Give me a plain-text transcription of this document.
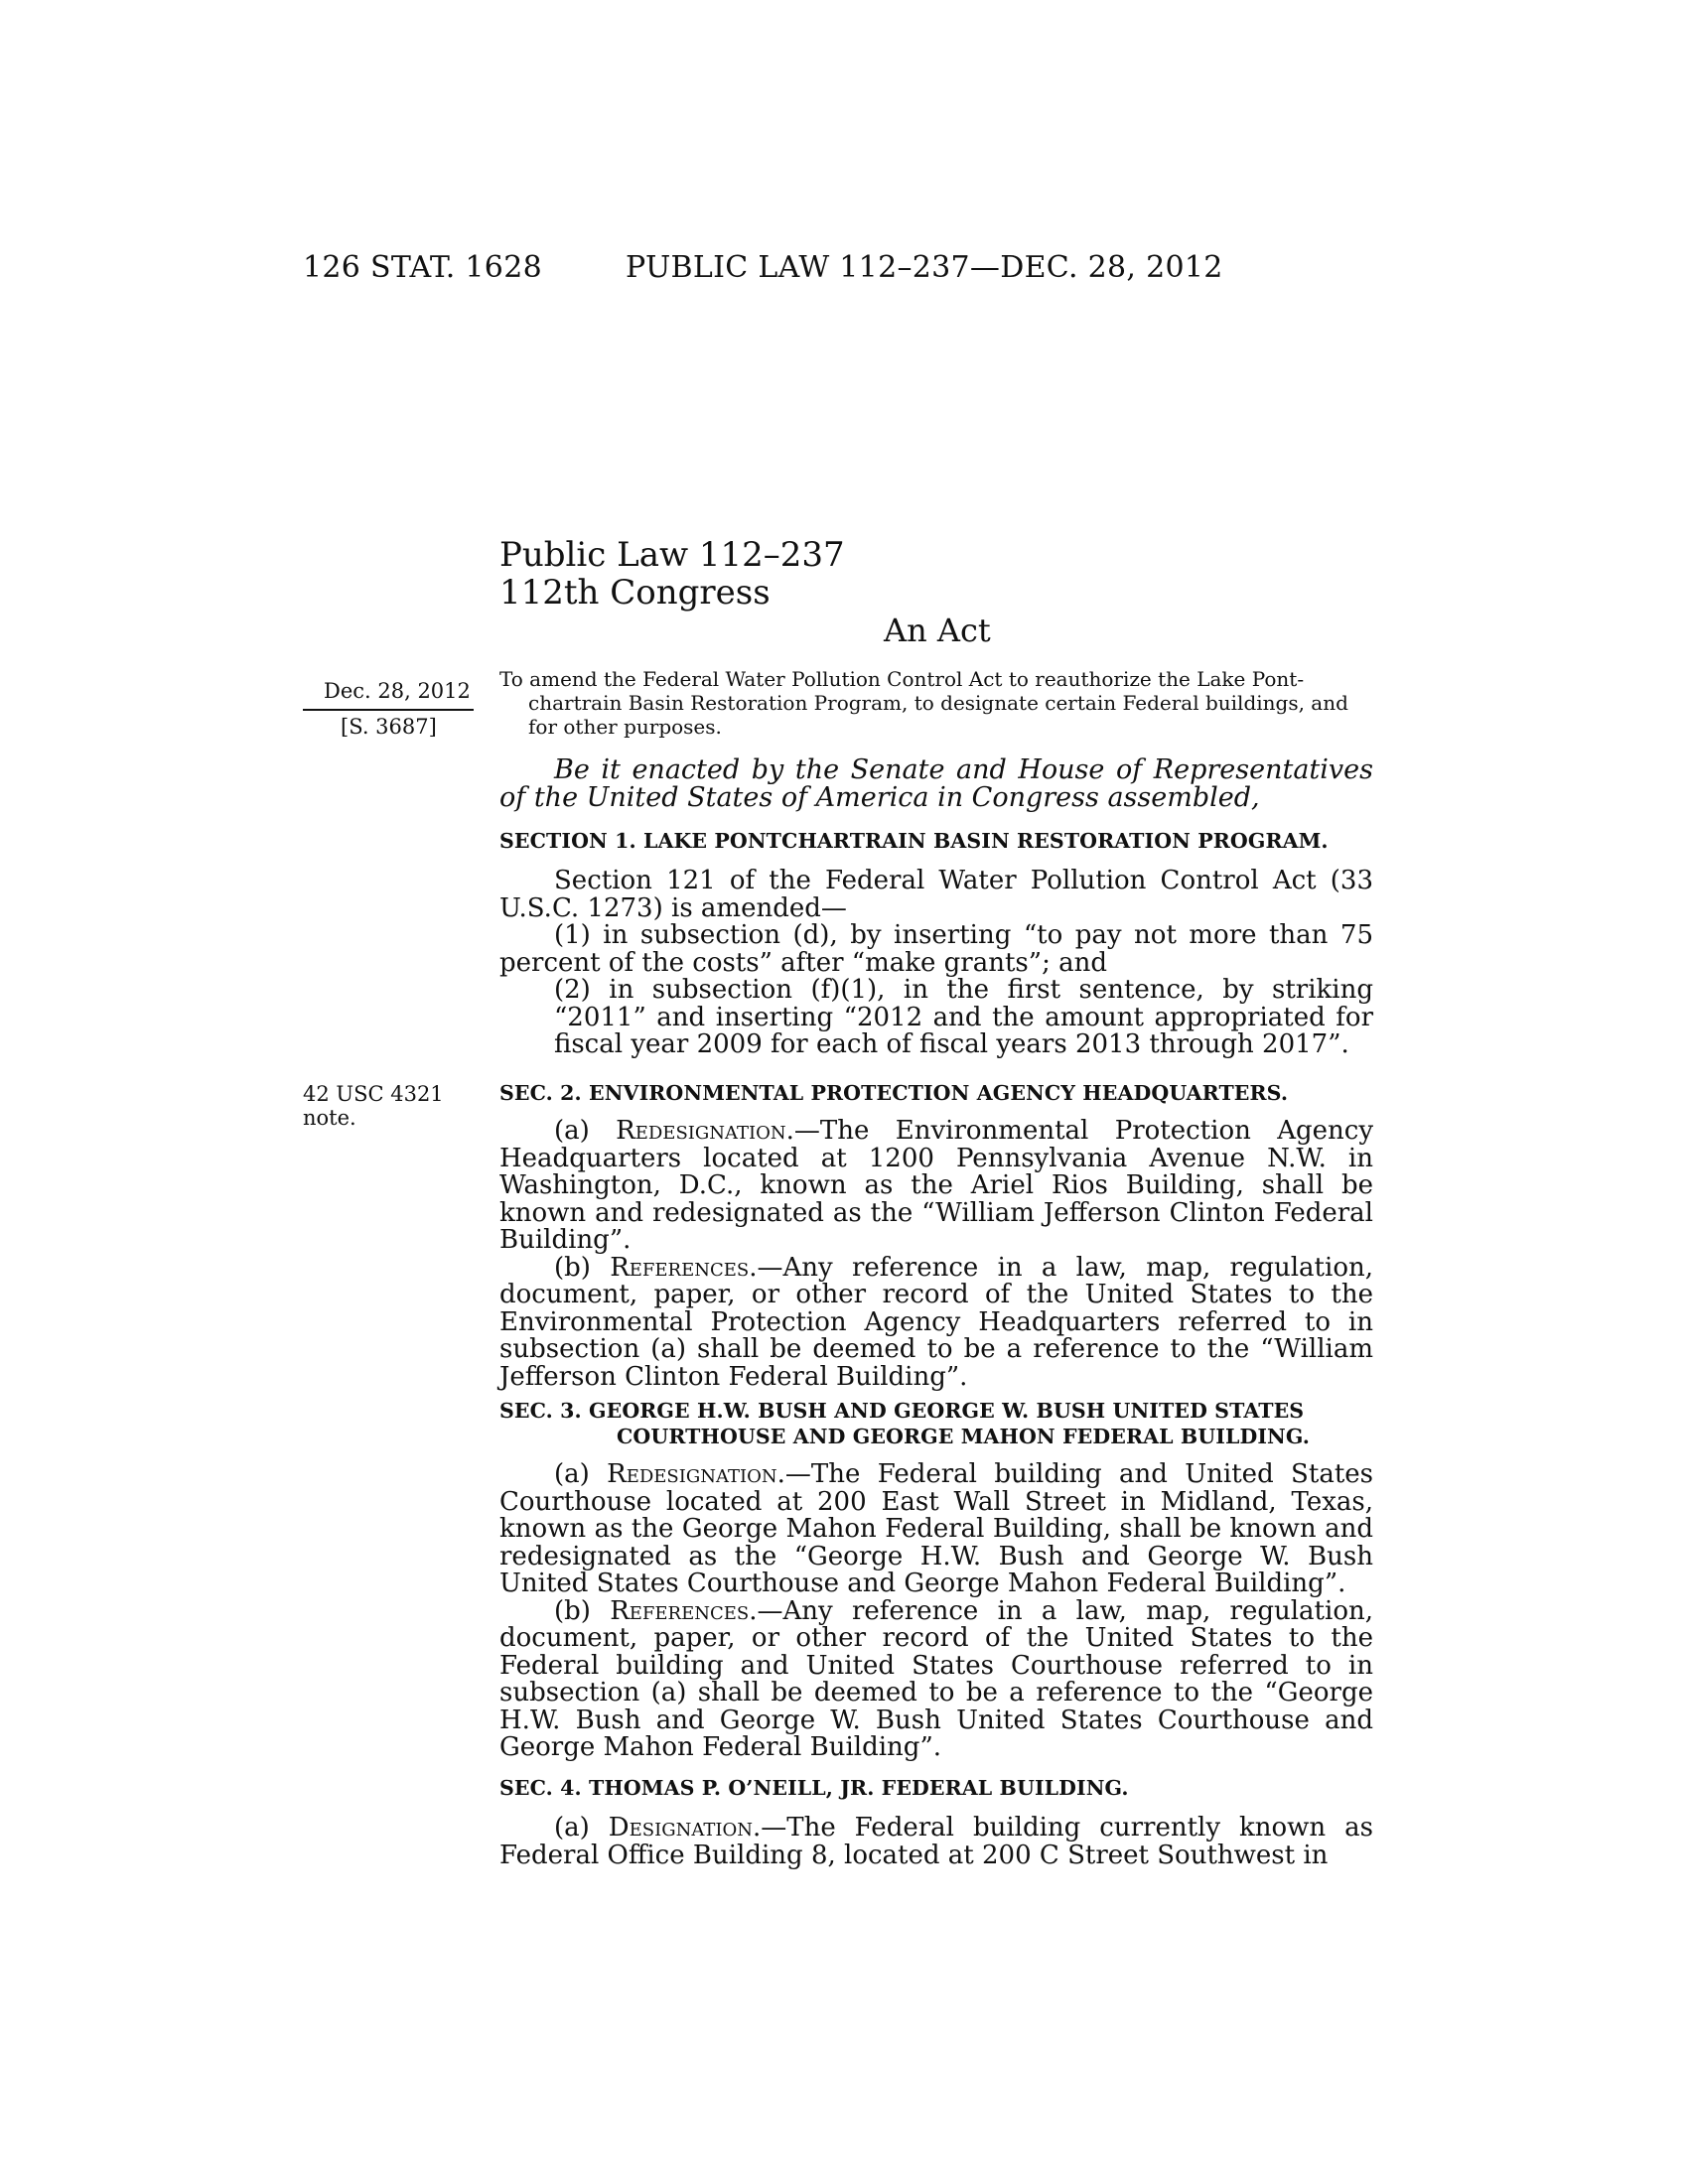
126 STAT. 1628	PUBLIC LAW 112–237—DEC. 28, 2012
Public Law 112–237
112th Congress
An Act
Dec. 28, 2012
[S. 3687]
42 USC 4321
note.
To amend the Federal Water Pollution Control Act to reauthorize the Lake Pont-
chartrain Basin Restoration Program, to designate certain Federal buildings, and
for other purposes.

Be it enacted by the Senate and House of Representatives of the United States of America in Congress assembled,

SECTION 1. LAKE PONTCHARTRAIN BASIN RESTORATION PROGRAM.

Section 121 of the Federal Water Pollution Control Act (33 U.S.C. 1273) is amended—

(1) in subsection (d), by inserting “to pay not more than 75 percent of the costs” after “make grants”; and

(2) in subsection (f)(1), in the first sentence, by striking “2011” and inserting “2012 and the amount appropriated for fiscal year 2009 for each of fiscal years 2013 through 2017”.

SEC. 2. ENVIRONMENTAL PROTECTION AGENCY HEADQUARTERS.

(a) Redesignation.—The Environmental Protection Agency Headquarters located at 1200 Pennsylvania Avenue N.W. in Washington, D.C., known as the Ariel Rios Building, shall be known and redesignated as the “William Jefferson Clinton Federal Building”.

(b) References.—Any reference in a law, map, regulation, document, paper, or other record of the United States to the Environmental Protection Agency Headquarters referred to in subsection (a) shall be deemed to be a reference to the “William Jefferson Clinton Federal Building”.

SEC. 3. GEORGE H.W. BUSH AND GEORGE W. BUSH UNITED STATES
COURTHOUSE AND GEORGE MAHON FEDERAL BUILDING.

(a) Redesignation.—The Federal building and United States Courthouse located at 200 East Wall Street in Midland, Texas, known as the George Mahon Federal Building, shall be known and redesignated as the “George H.W. Bush and George W. Bush United States Courthouse and George Mahon Federal Building”.

(b) References.—Any reference in a law, map, regulation, document, paper, or other record of the United States to the Federal building and United States Courthouse referred to in subsection (a) shall be deemed to be a reference to the “George H.W. Bush and George W. Bush United States Courthouse and George Mahon Federal Building”.

SEC. 4. THOMAS P. O’NEILL, JR. FEDERAL BUILDING.

(a) Designation.—The Federal building currently known as Federal Office Building 8, located at 200 C Street Southwest in
